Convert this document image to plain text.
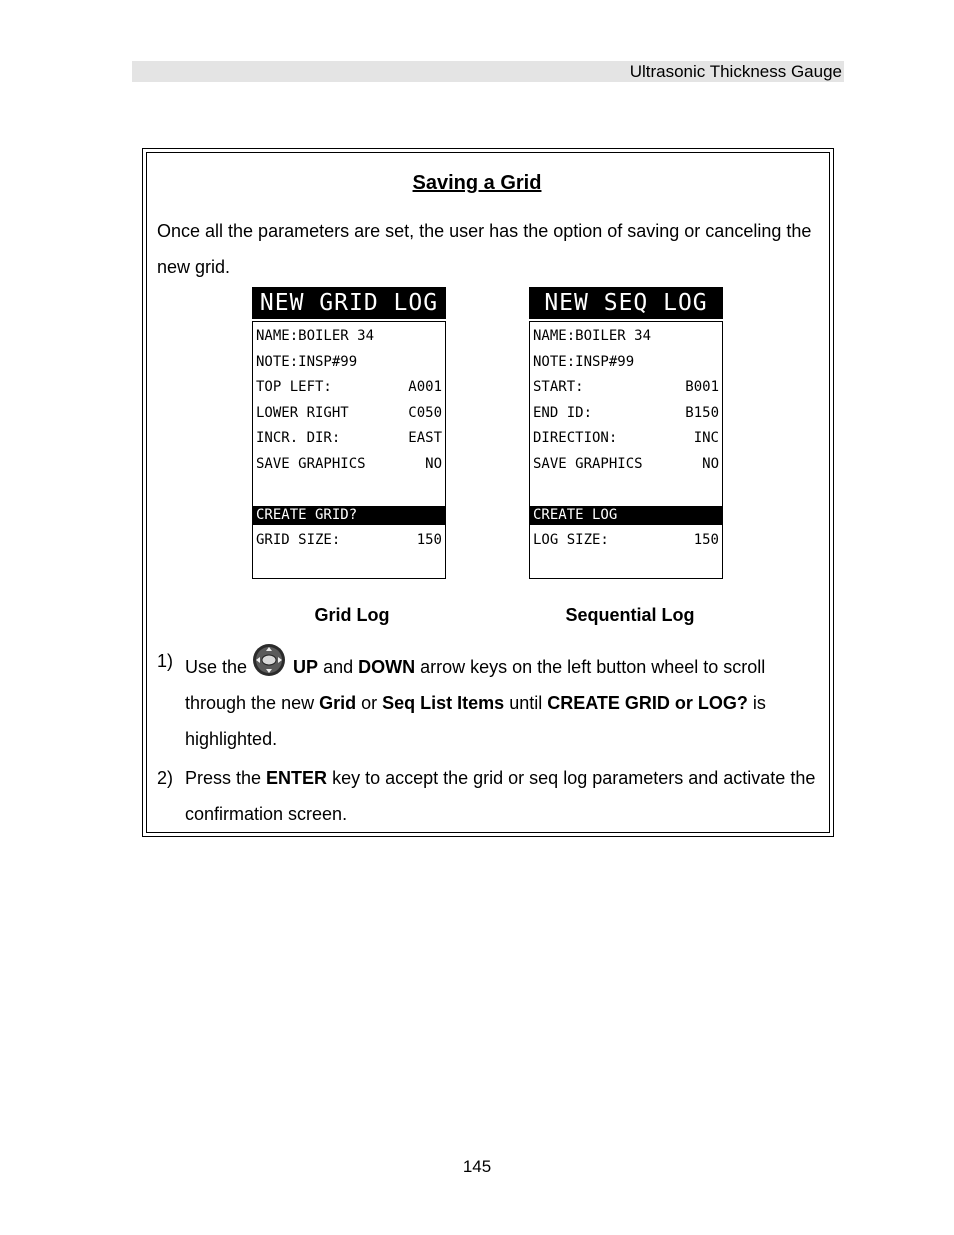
Ultrasonic Thickness Gauge
Saving a Grid
Once all the parameters are set, the user has the option of saving or canceling the new grid.
NEW GRID LOG
NAME:BOILER 34
NOTE:INSP#99
TOP LEFT:	A001
LOWER RIGHT	C050
INCR. DIR:	EAST
SAVE GRAPHICS	NO
CREATE GRID?
GRID SIZE:	150
Grid Log
NEW SEQ LOG
NAME:BOILER 34
NOTE:INSP#99
START:	B001
END ID:	B150
DIRECTION:	INC
SAVE GRAPHICS	NO
CREATE LOG
LOG SIZE:	150
Sequential Log
1) Use the  UP and DOWN arrow keys on the left button wheel to scroll through the new Grid or Seq List Items until CREATE GRID or LOG? is highlighted.
2) Press the ENTER key to accept the grid or seq log parameters and activate the confirmation screen.
145
